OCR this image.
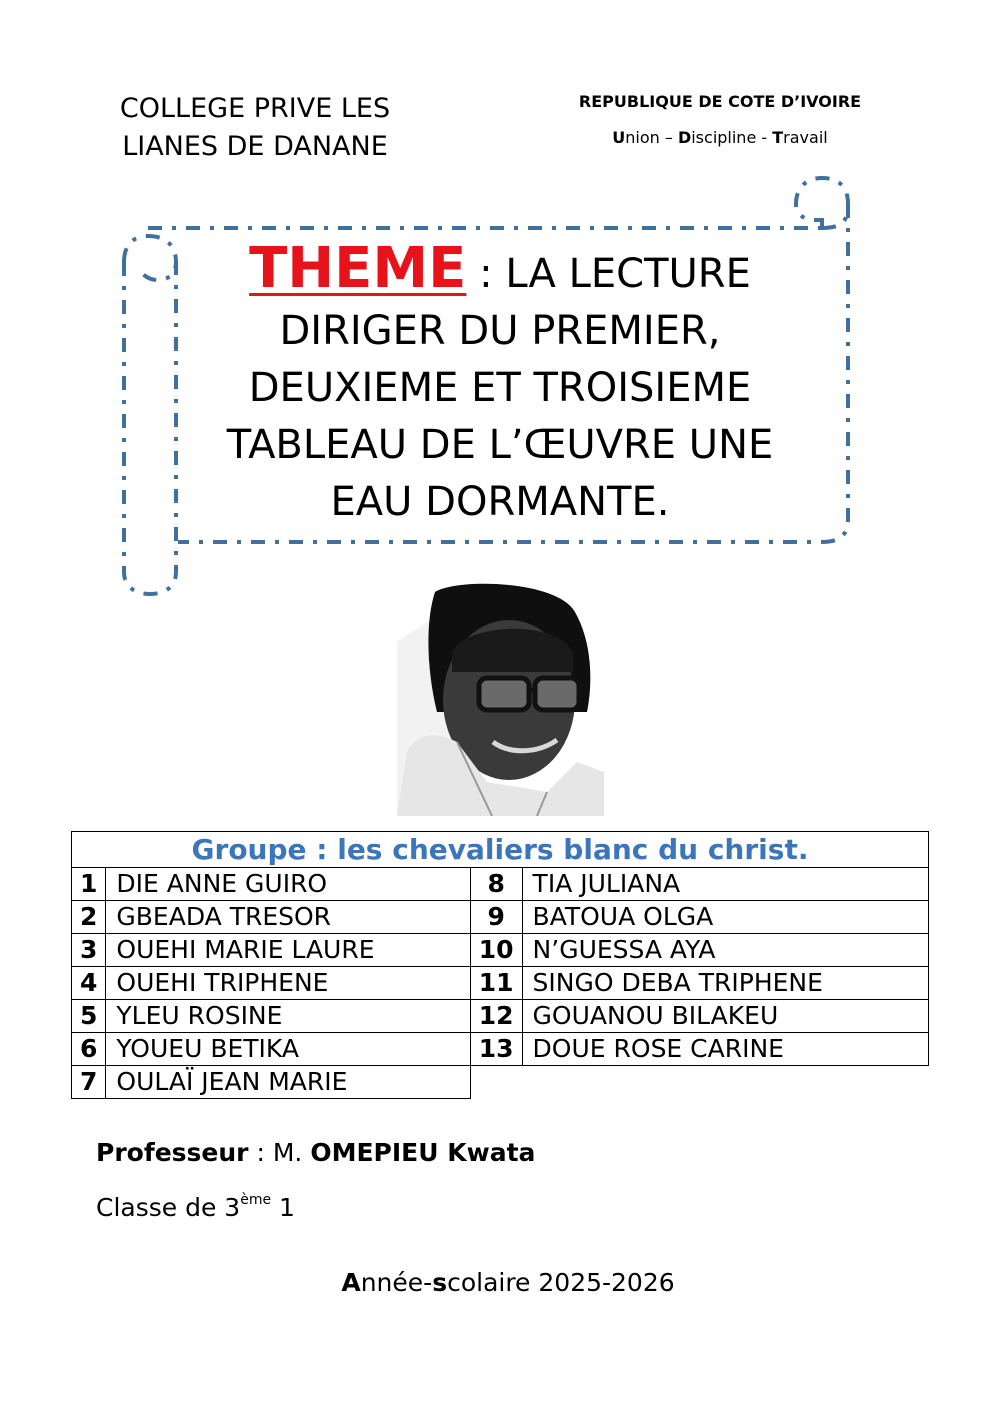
COLLEGE PRIVE LES LIANES DE DANANE
REPUBLIQUE DE COTE D’IVOIRE
Union – Discipline - Travail
THEME : LA LECTURE DIRIGER DU PREMIER, DEUXIEME ET TROISIEME TABLEAU DE L’ŒUVRE UNE EAU DORMANTE.
Groupe : les chevaliers blanc du christ.			
1	DIE ANNE GUIRO	8	TIA JULIANA
2	GBEADA TRESOR	9	BATOUA OLGA
3	OUEHI MARIE LAURE	10	N’GUESSA AYA
4	OUEHI TRIPHENE	11	SINGO DEBA TRIPHENE
5	YLEU ROSINE	12	GOUANOU BILAKEU
6	YOUEU BETIKA	13	DOUE ROSE CARINE
7	OULAÏ JEAN MARIE		
Professeur : M. OMEPIEU Kwata
Classe de 3ème 1
Année-scolaire 2025-2026
